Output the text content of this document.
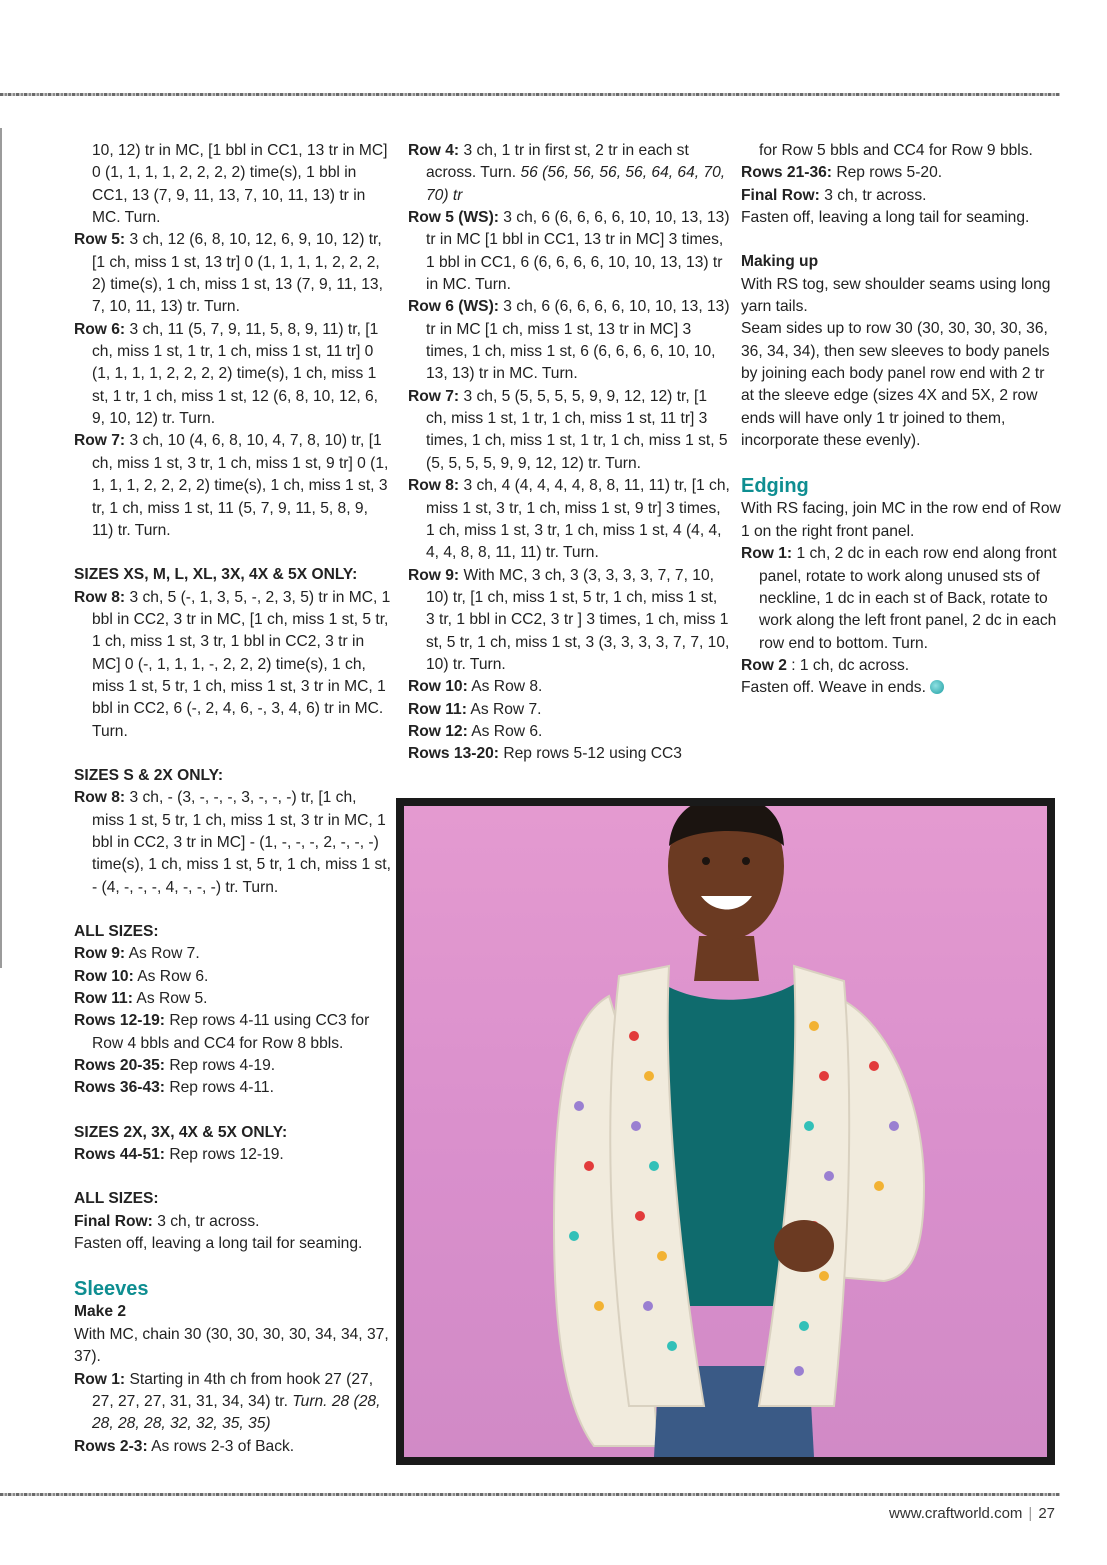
10, 12) tr in MC, [1 bbl in CC1, 13 tr in MC] 0 (1, 1, 1, 1, 2, 2, 2, 2) time(s), 1 bbl in CC1, 13 (7, 9, 11, 13, 7, 10, 11, 13) tr in MC. Turn.
Row 5: 3 ch, 12 (6, 8, 10, 12, 6, 9, 10, 12) tr, [1 ch, miss 1 st, 13 tr] 0 (1, 1, 1, 1, 2, 2, 2, 2) time(s), 1 ch, miss 1 st, 13 (7, 9, 11, 13, 7, 10, 11, 13) tr. Turn.
Row 6: 3 ch, 11 (5, 7, 9, 11, 5, 8, 9, 11) tr, [1 ch, miss 1 st, 1 tr, 1 ch, miss 1 st, 11 tr] 0 (1, 1, 1, 1, 2, 2, 2, 2) time(s), 1 ch, miss 1 st, 1 tr, 1 ch, miss 1 st, 12 (6, 8, 10, 12, 6, 9, 10, 12) tr. Turn.
Row 7: 3 ch, 10 (4, 6, 8, 10, 4, 7, 8, 10) tr, [1 ch, miss 1 st, 3 tr, 1 ch, miss 1 st, 9 tr] 0 (1, 1, 1, 1, 2, 2, 2, 2) time(s), 1 ch, miss 1 st, 3 tr, 1 ch, miss 1 st, 11 (5, 7, 9, 11, 5, 8, 9, 11) tr. Turn.
SIZES XS, M, L, XL, 3X, 4X & 5X ONLY:
Row 8: 3 ch, 5 (-, 1, 3, 5, -, 2, 3, 5) tr in MC, 1 bbl in CC2, 3 tr in MC, [1 ch, miss 1 st, 5 tr, 1 ch, miss 1 st, 3 tr, 1 bbl in CC2, 3 tr in MC] 0 (-, 1, 1, 1, -, 2, 2, 2) time(s), 1 ch, miss 1 st, 5 tr, 1 ch, miss 1 st, 3 tr in MC, 1 bbl in CC2, 6 (-, 2, 4, 6, -, 3, 4, 6) tr in MC. Turn.
SIZES S & 2X ONLY:
Row 8: 3 ch, - (3, -, -, -, 3, -, -, -) tr, [1 ch, miss 1 st, 5 tr, 1 ch, miss 1 st, 3 tr in MC, 1 bbl in CC2, 3 tr in MC] - (1, -, -, -, 2, -, -, -) time(s), 1 ch, miss 1 st, 5 tr, 1 ch, miss 1 st, - (4, -, -, -, 4, -, -, -) tr. Turn.
ALL SIZES:
Row 9: As Row 7.
Row 10: As Row 6.
Row 11: As Row 5.
Rows 12-19: Rep rows 4-11 using CC3 for Row 4 bbls and CC4 for Row 8 bbls.
Rows 20-35: Rep rows 4-19.
Rows 36-43: Rep rows 4-11.
SIZES 2X, 3X, 4X & 5X ONLY:
Rows 44-51: Rep rows 12-19.
ALL SIZES:
Final Row: 3 ch, tr across.
Fasten off, leaving a long tail for seaming.
Sleeves
Make 2
With MC, chain 30 (30, 30, 30, 30, 34, 34, 37, 37).
Row 1: Starting in 4th ch from hook 27 (27, 27, 27, 27, 31, 31, 34, 34) tr. Turn. 28 (28, 28, 28, 28, 32, 32, 35, 35)
Rows 2-3: As rows 2-3 of Back.
Row 4: 3 ch, 1 tr in first st, 2 tr in each st across. Turn. 56 (56, 56, 56, 56, 64, 64, 70, 70) tr
Row 5 (WS): 3 ch, 6 (6, 6, 6, 6, 10, 10, 13, 13) tr in MC [1 bbl in CC1, 13 tr in MC] 3 times, 1 bbl in CC1, 6 (6, 6, 6, 6, 10, 10, 13, 13) tr in MC. Turn.
Row 6 (WS): 3 ch, 6 (6, 6, 6, 6, 10, 10, 13, 13) tr in MC [1 ch, miss 1 st, 13 tr in MC] 3 times, 1 ch, miss 1 st, 6 (6, 6, 6, 6, 10, 10, 13, 13) tr in MC. Turn.
Row 7: 3 ch, 5 (5, 5, 5, 5, 9, 9, 12, 12) tr, [1 ch, miss 1 st, 1 tr, 1 ch, miss 1 st, 11 tr] 3 times, 1 ch, miss 1 st, 1 tr, 1 ch, miss 1 st, 5 (5, 5, 5, 5, 9, 9, 12, 12) tr. Turn.
Row 8: 3 ch, 4 (4, 4, 4, 4, 8, 8, 11, 11) tr, [1 ch, miss 1 st, 3 tr, 1 ch, miss 1 st, 9 tr] 3 times, 1 ch, miss 1 st, 3 tr, 1 ch, miss 1 st, 4 (4, 4, 4, 4, 8, 8, 11, 11) tr. Turn.
Row 9: With MC, 3 ch, 3 (3, 3, 3, 3, 7, 7, 10, 10) tr, [1 ch, miss 1 st, 5 tr, 1 ch, miss 1 st, 3 tr, 1 bbl in CC2, 3 tr ] 3 times, 1 ch, miss 1 st, 5 tr, 1 ch, miss 1 st, 3 (3, 3, 3, 3, 7, 7, 10, 10) tr. Turn.
Row 10: As Row 8.
Row 11: As Row 7.
Row 12: As Row 6.
Rows 13-20: Rep rows 5-12 using CC3
for Row 5 bbls and CC4 for Row 9 bbls.
Rows 21-36: Rep rows 5-20.
Final Row: 3 ch, tr across.
Fasten off, leaving a long tail for seaming.
Making up
With RS tog, sew shoulder seams using long yarn tails.
Seam sides up to row 30 (30, 30, 30, 30, 36, 36, 34, 34), then sew sleeves to body panels by joining each body panel row end with 2 tr at the sleeve edge (sizes 4X and 5X, 2 row ends will have only 1 tr joined to them, incorporate these evenly).
Edging
With RS facing, join MC in the row end of Row 1 on the right front panel.
Row 1: 1 ch, 2 dc in each row end along front panel, rotate to work along unused sts of neckline, 1 dc in each st of Back, rotate to work along the left front panel, 2 dc in each row end to bottom. Turn.
Row 2 : 1 ch, dc across.
Fasten off. Weave in ends.
www.craftworld.com | 27
